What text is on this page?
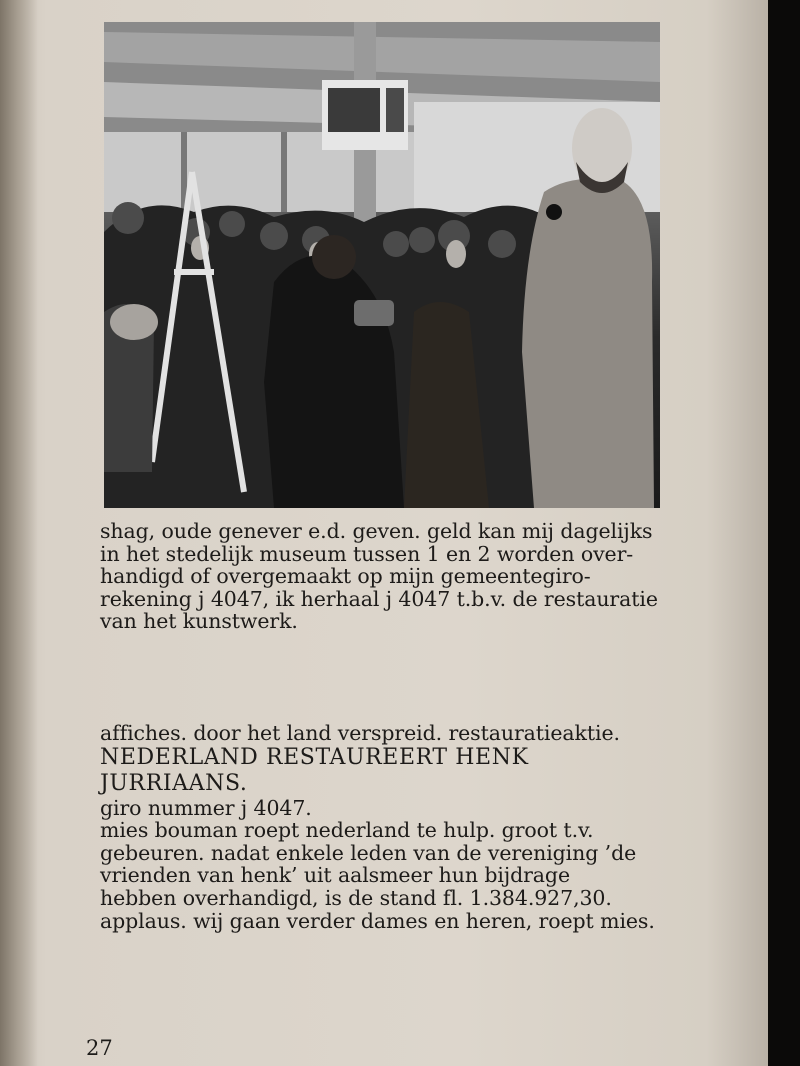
shag, oude genever e.d. geven. geld kan mij dagelijks
in het stedelijk museum tussen 1 en 2 worden over-
handigd of overgemaakt op mijn gemeentegiro-
rekening j 4047, ik herhaal j 4047 t.b.v. de restauratie
van het kunstwerk.
affiches. door het land verspreid. restauratieaktie.
NEDERLAND RESTAUREERT HENK
JURRIAANS.
giro nummer j 4047.
mies bouman roept nederland te hulp. groot t.v.
gebeuren. nadat enkele leden van de vereniging ’de
vrienden van henk’ uit aalsmeer hun bijdrage
hebben overhandigd, is de stand fl. 1.384.927,30.
applaus. wij gaan verder dames en heren, roept mies.
27
